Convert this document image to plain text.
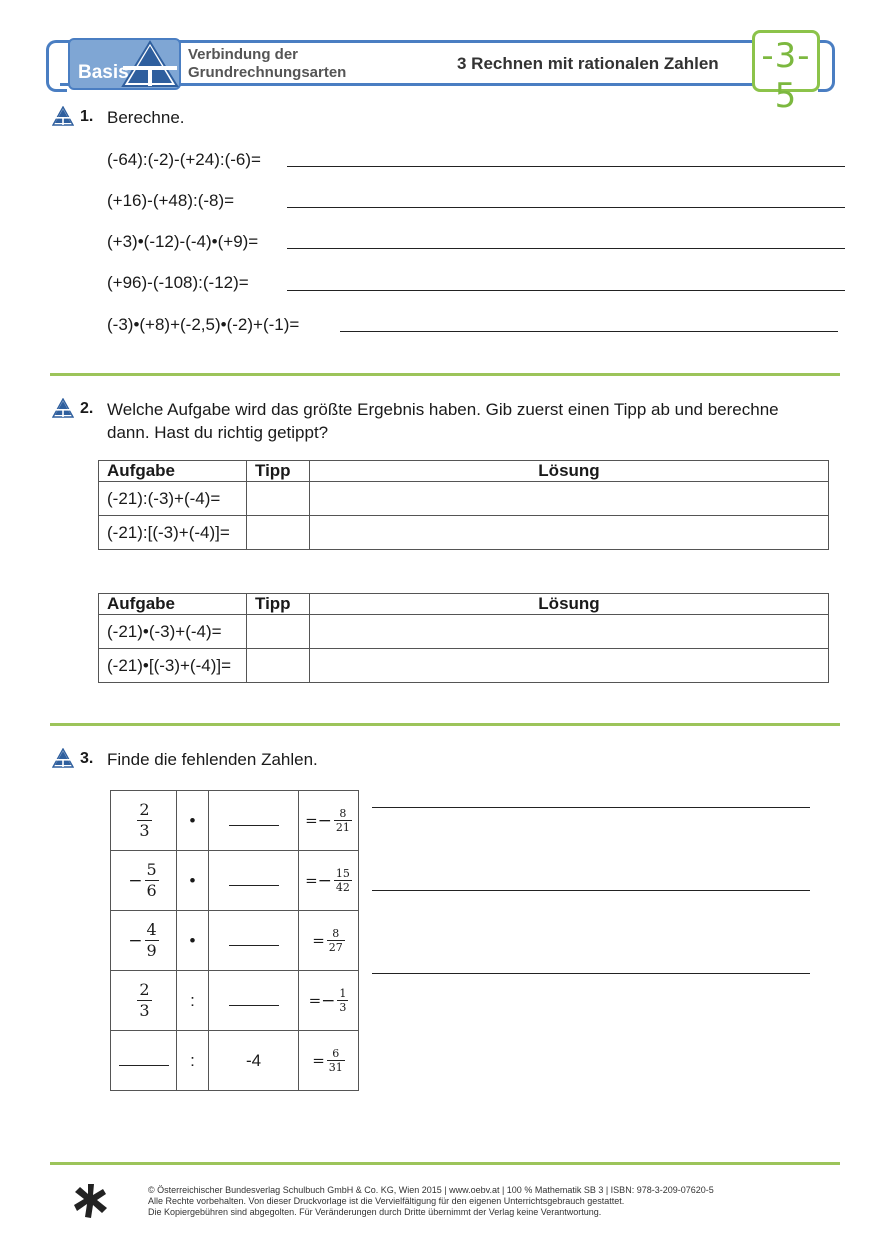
Basis
Verbindung der
Grundrechnungsarten	3 Rechnen mit rationalen Zahlen -3-5
1. Berechne.
(-64):(-2)-(+24):(-6)=
(+16)-(+48):(-8)=
(+3)•(-12)-(-4)•(+9)=
(+96)-(-108):(-12)=
(-3)•(+8)+(-2,5)•(-2)+(-1)=
2. Welche Aufgabe wird das größte Ergebnis haben. Gib zuerst einen Tipp ab und berechne
dann. Hast du richtig getippt?
Aufgabe	Tipp	Lösung
(-21):(-3)+(-4)=		
(-21):[(-3)+(-4)]=		
Aufgabe	Tipp	Lösung
(-21)•(-3)+(-4)=		
(-21)•[(-3)+(-4)]=		
3. Finde die fehlenden Zahlen.
$\frac{2}{3}$	•		=− $\frac{8}{21}$

− $\frac{5}{6}$	•		=− $\frac{15}{42}$

− $\frac{4}{9}$	•		= $\frac{8}{27}$

$\frac{2}{3}$	:		=− $\frac{1}{3}$

	:	-4	= $\frac{6}{31}$
© Österreichischer Bundesverlag Schulbuch GmbH & Co. KG, Wien 2015 | www.oebv.at | 100 % Mathematik SB 3 | ISBN: 978-3-209-07620-5
Alle Rechte vorbehalten. Von dieser Druckvorlage ist die Vervielfältigung für den eigenen Unterrichtsgebrauch gestattet.
Die Kopiergebühren sind abgegolten. Für Veränderungen durch Dritte übernimmt der Verlag keine Verantwortung.
